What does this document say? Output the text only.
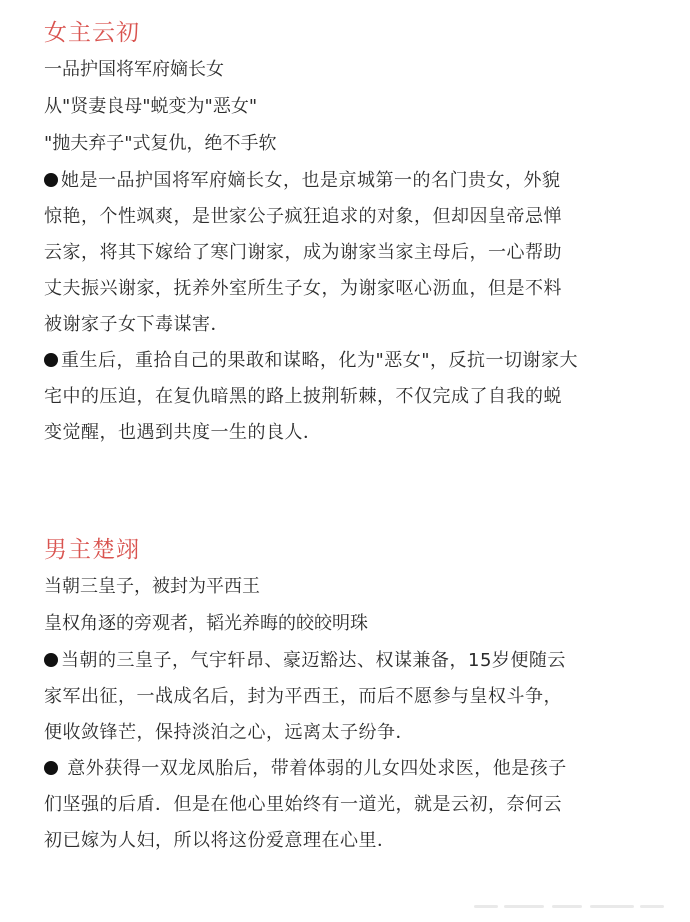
女主云初
一品护国将军府嫡长女
从"贤妻良母"蜕变为"恶女"
"抛夫弃子"式复仇，绝不手软
她是一品护国将军府嫡长女，也是京城第一的名门贵女，外貌
惊艳，个性飒爽，是世家公子疯狂追求的对象，但却因皇帝忌惮
云家，将其下嫁给了寒门谢家，成为谢家当家主母后，一心帮助
丈夫振兴谢家，抚养外室所生子女，为谢家呕心沥血，但是不料
被谢家子女下毒谋害．
重生后，重拾自己的果敢和谋略，化为"恶女"，反抗一切谢家大
宅中的压迫，在复仇暗黑的路上披荆斩棘，不仅完成了自我的蜕
变觉醒，也遇到共度一生的良人．
男主楚翊
当朝三皇子，被封为平西王
皇权角逐的旁观者，韬光养晦的皎皎明珠
当朝的三皇子，气宇轩昂、豪迈豁达、权谋兼备，15岁便随云
家军出征，一战成名后，封为平西王，而后不愿参与皇权斗争，
便收敛锋芒，保持淡泊之心，远离太子纷争．
意外获得一双龙凤胎后，带着体弱的儿女四处求医，他是孩子
们坚强的后盾．但是在他心里始终有一道光，就是云初，奈何云
初已嫁为人妇，所以将这份爱意理在心里．
